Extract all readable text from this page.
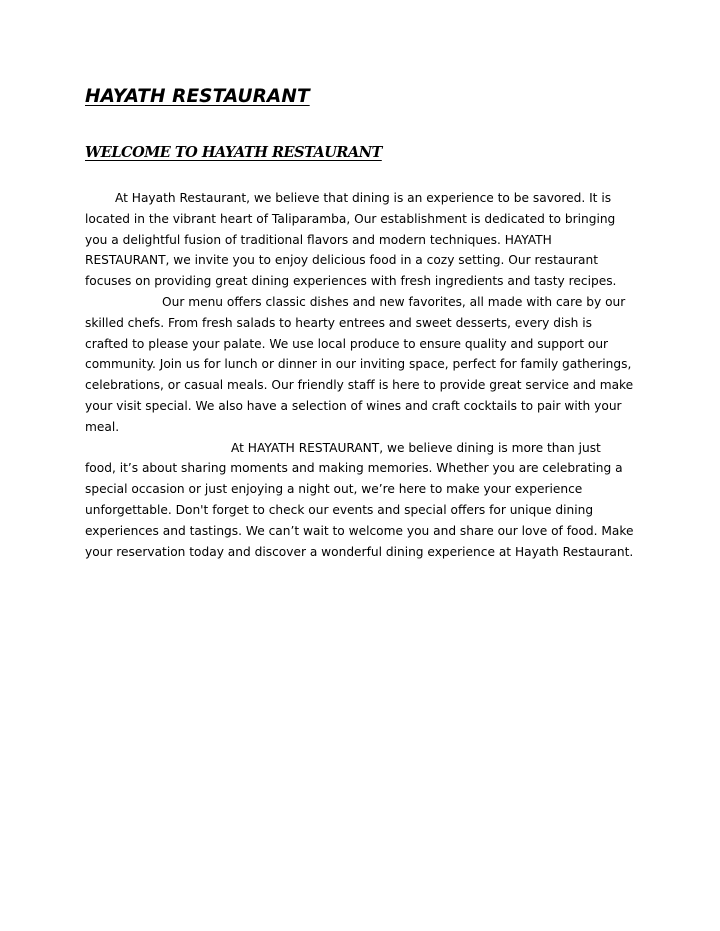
HAYATH RESTAURANT
WELCOME TO HAYATH RESTAURANT
At Hayath Restaurant, we believe that dining is an experience to be savored. It is
located in the vibrant heart of Taliparamba, Our establishment is dedicated to bringing
you a delightful fusion of traditional flavors and modern techniques. HAYATH
RESTAURANT, we invite you to enjoy delicious food in a cozy setting. Our restaurant
focuses on providing great dining experiences with fresh ingredients and tasty recipes.
Our menu offers classic dishes and new favorites, all made with care by our
skilled chefs. From fresh salads to hearty entrees and sweet desserts, every dish is
crafted to please your palate. We use local produce to ensure quality and support our
community. Join us for lunch or dinner in our inviting space, perfect for family gatherings,
celebrations, or casual meals. Our friendly staff is here to provide great service and make
your visit special. We also have a selection of wines and craft cocktails to pair with your
meal.
At HAYATH RESTAURANT, we believe dining is more than just
food, it’s about sharing moments and making memories. Whether you are celebrating a
special occasion or just enjoying a night out, we’re here to make your experience
unforgettable. Don't forget to check our events and special offers for unique dining
experiences and tastings. We can’t wait to welcome you and share our love of food. Make
your reservation today and discover a wonderful dining experience at Hayath Restaurant.
